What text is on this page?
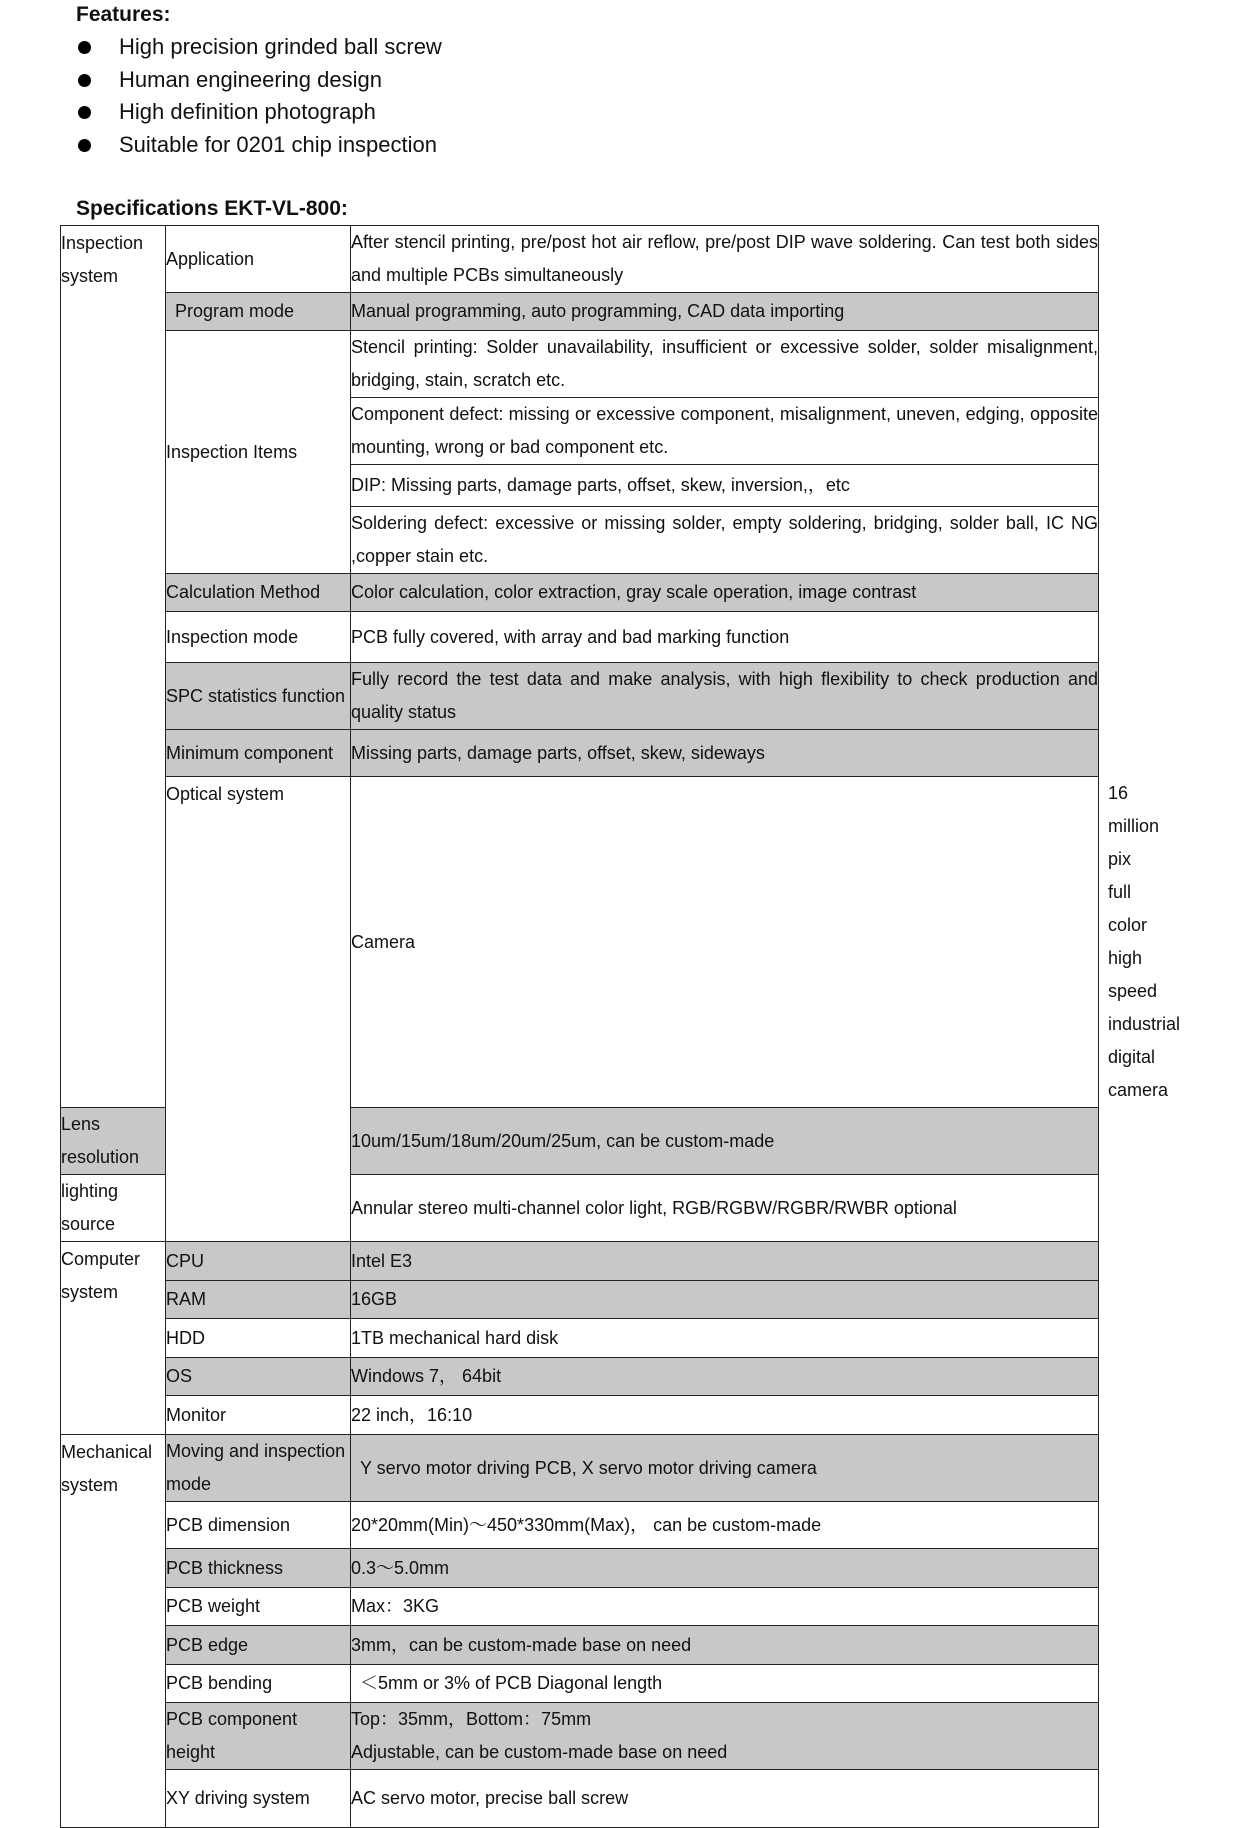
Features:
High precision grinded ball screw
Human engineering design
High definition photograph
Suitable for 0201 chip inspection
Specifications EKT-VL-800:
Inspection system	Application	After stencil printing, pre/post hot air reflow, pre/post DIP wave soldering. Can test both sides and multiple PCBs simultaneously	
	Program mode	Manual programming, auto programming, CAD data importing	
	Inspection Items	Stencil printing: Solder unavailability, insufficient or excessive solder, solder misalignment, bridging, stain, scratch etc.	
		Component defect: missing or excessive component, misalignment, uneven, edging, opposite mounting, wrong or bad component etc.	
		DIP: Missing parts, damage parts, offset, skew, inversion,，etc	
		Soldering defect: excessive or missing solder, empty soldering, bridging, solder ball, IC NG ,copper stain etc.	
	Calculation Method	Color calculation, color extraction, gray scale operation, image contrast	
	Inspection mode	PCB fully covered, with array and bad marking function	
	SPC statistics function	Fully record the test data and make analysis, with high flexibility to check production and quality status	
	Minimum component	Missing parts, damage parts, offset, skew, sideways	
	Optical system	Camera	16 million pix full color high speed industrial digital camera
Lens resolution		10um/15um/18um/20um/25um, can be custom-made	
lighting source		Annular stereo multi-channel color light, RGB/RGBW/RGBR/RWBR optional	
Computer system	CPU	Intel E3	
	RAM	16GB	
	HDD	1TB mechanical hard disk	
	OS	Windows 7， 64bit	
	Monitor	22 inch，16:10	
Mechanical system	Moving and inspection mode	Y servo motor driving PCB, X servo motor driving camera	
	PCB dimension	20*20mm(Min)～450*330mm(Max)， can be custom-made	
	PCB thickness	0.3～5.0mm	
	PCB weight	Max：3KG	
	PCB edge	3mm，can be custom-made base on need	
	PCB bending	＜5mm or 3% of PCB Diagonal length	
	PCB component height	Top：35mm，Bottom：75mm
Adjustable, can be custom-made base on need	

	XY driving system	AC servo motor, precise ball screw	
